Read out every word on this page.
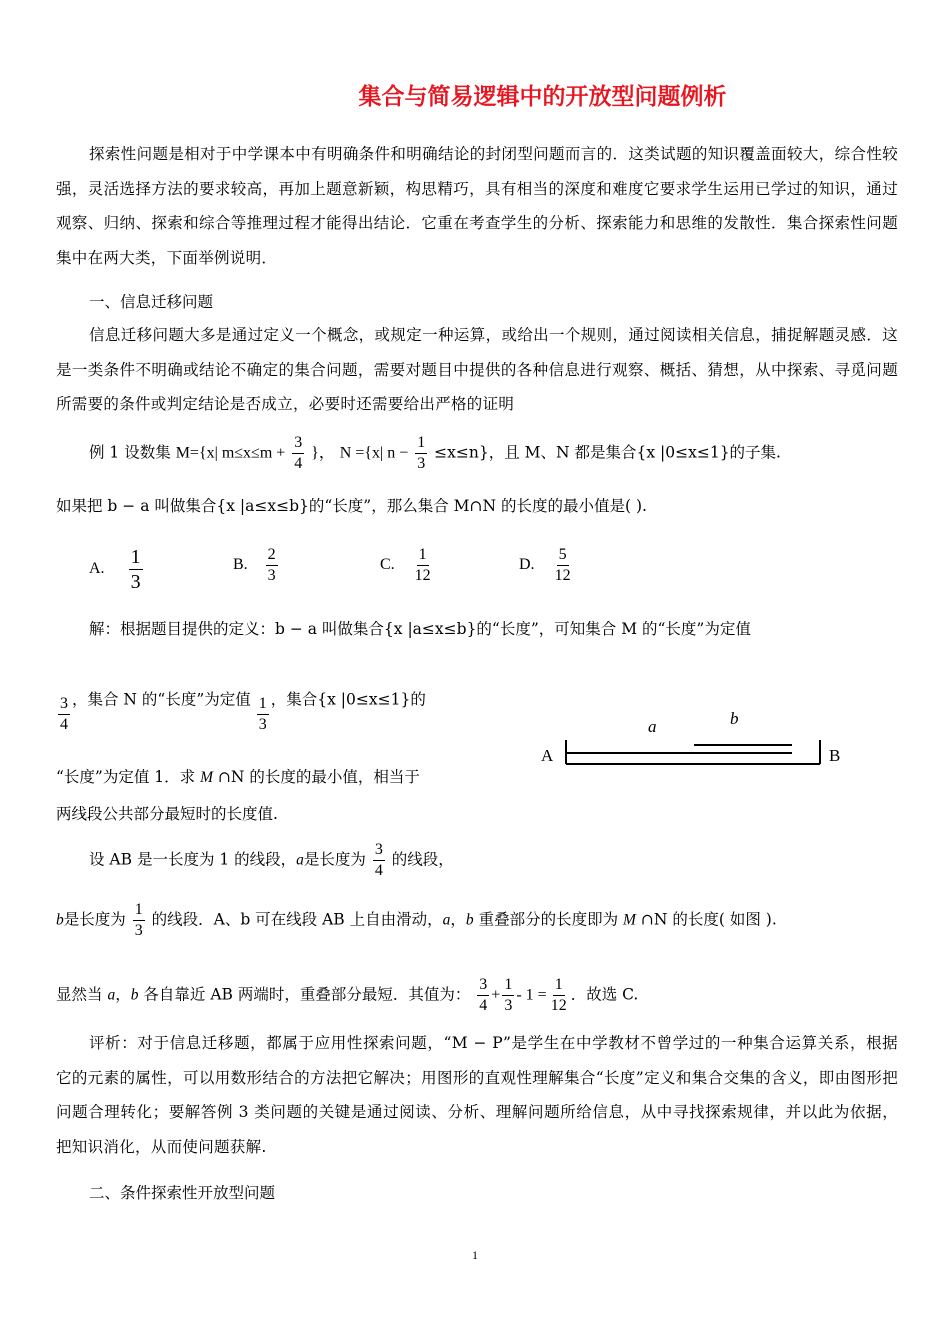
集合与简易逻辑中的开放型问题例析
探索性问题是相对于中学课本中有明确条件和明确结论的封闭型问题而言的．这类试题的知识覆盖面较大，综合性较强，灵活选择方法的要求较高，再加上题意新颖，构思精巧，具有相当的深度和难度它要求学生运用已学过的知识，通过观察、归纳、探索和综合等推理过程才能得出结论．它重在考查学生的分析、探索能力和思维的发散性．集合探索性问题集中在两大类，下面举例说明．
一、信息迁移问题
信息迁移问题大多是通过定义一个概念，或规定一种运算，或给出一个规则，通过阅读相关信息，捕捉解题灵感．这是一类条件不明确或结论不确定的集合问题，需要对题目中提供的各种信息进行观察、概括、猜想，从中探索、寻觅问题所需要的条件或判定结论是否成立，必要时还需要给出严格的证明
例 1 设数集 M={x| $m\le x\le m + \frac{3}{4}$ }， N ={x| $n - \frac{1}{3} \le x\le n$}，且 M、N 都是集合{x |0≤x≤1}的子集.
如果把 b − a 叫做集合{x |a≤x≤b}的“长度”，那么集合 M∩N 的长度的最小值是( ).
A. $\frac{1}{3}$	B. $\frac{2}{3}$	C. $\frac{1}{12}$	D. $\frac{5}{12}$
解：根据题目提供的定义：b − a 叫做集合{x |a≤x≤b}的“长度”，可知集合 M 的“长度”为定值
$\frac{3}{4}$ ，集合 N 的“长度”为定值 $\frac{1}{3}$ ，集合{x |0≤x≤1}的
“长度”为定值 1．求 M ∩N 的长度的最小值，相当于
两线段公共部分最短时的长度值.
设 AB 是一长度为 1 的线段，a是长度为 $\frac{3}{4}$ 的线段，
b是长度为 $\frac{1}{3}$ 的线段．A、b 可在线段 AB 上自由滑动，a，b 重叠部分的长度即为 M ∩N 的长度( 如图 ).
显然当 a，b 各自靠近 AB 两端时，重叠部分最短．其值为： $\frac{3}{4} + \frac{1}{3} - 1 = \frac{1}{12}$ ．故选 C.
A	B
a	b
评析：对于信息迁移题，都属于应用性探索问题，“M − P”是学生在中学教材不曾学过的一种集合运算关系，根据它的元素的属性，可以用数形结合的方法把它解决；用图形的直观性理解集合“长度”定义和集合交集的含义，即由图形把问题合理转化；要解答例 3 类问题的关键是通过阅读、分析、理解问题所给信息，从中寻找探索规律，并以此为依据，把知识消化，从而使问题获解.
二、条件探索性开放型问题
1
